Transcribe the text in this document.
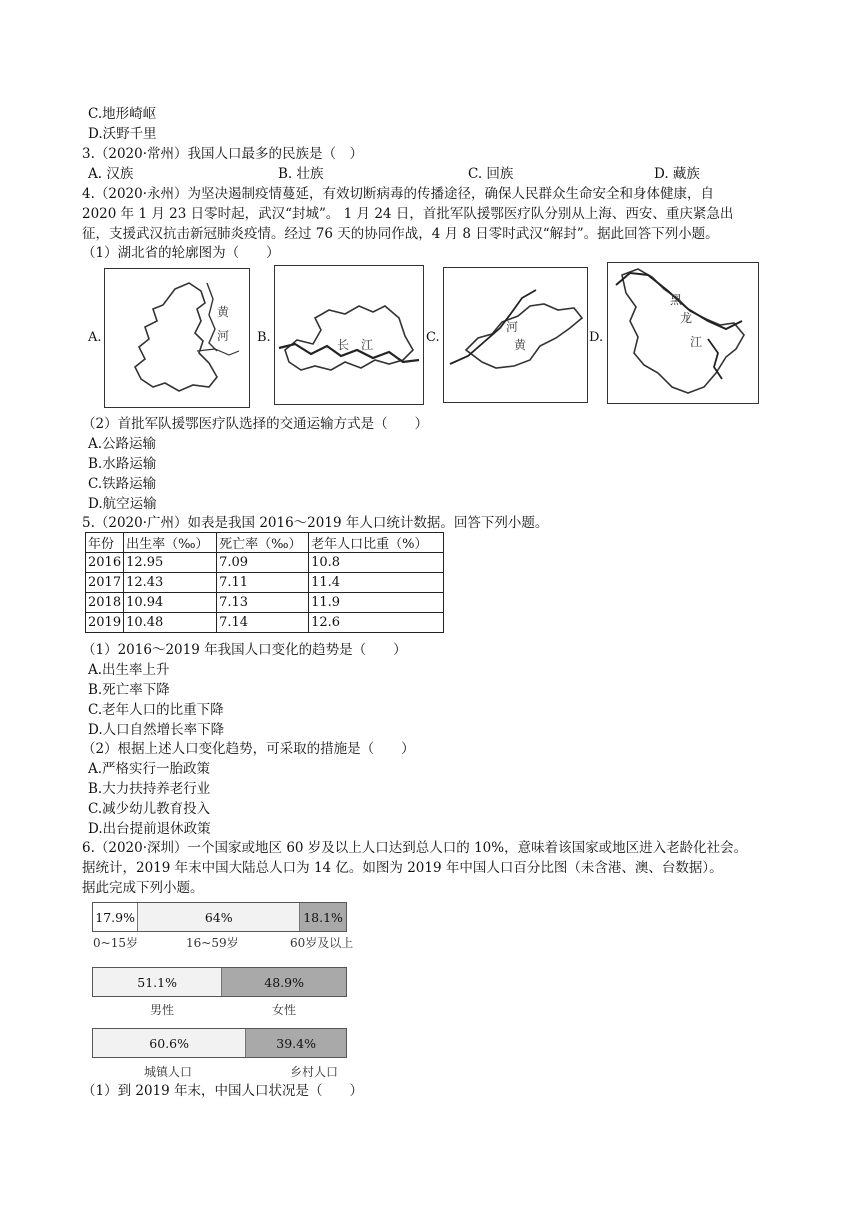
C.地形崎岖
D.沃野千里
3.（2020·常州）我国人口最多的民族是（　）
A. 汉族	B. 壮族	C. 回族	D. 藏族
4.（2020·永州）为坚决遏制疫情蔓延，有效切断病毒的传播途径，确保人民群众生命安全和身体健康，自
2020 年 1 月 23 日零时起，武汉“封城”。 1 月 24 日，首批军队援鄂医疗队分别从上海、西安、重庆紧急出
征，支援武汉抗击新冠肺炎疫情。经过 76 天的协同作战，4 月 8 日零时武汉“解封”。据此回答下列小题。
（1）湖北省的轮廓图为（　　）
A.
黄
河 B.	长 江	C.
河
黄	D.
黑
龙
江
（2）首批军队援鄂医疗队选择的交通运输方式是（　　）
A.公路运输
B.水路运输
C.铁路运输
D.航空运输
5.（2020·广州）如表是我国 2016～2019 年人口统计数据。回答下列小题。
年份	出生率（‰）	死亡率（‰）	老年人口比重（%）
2016	12.95	7.09	10.8
2017	12.43	7.11	11.4
2018	10.94	7.13	11.9
2019	10.48	7.14	12.6
（1）2016～2019 年我国人口变化的趋势是（　　）
A.出生率上升
B.死亡率下降
C.老年人口的比重下降
D.人口自然增长率下降
（2）根据上述人口变化趋势，可采取的措施是（　　）
A.严格实行一胎政策
B.大力扶持养老行业
C.减少幼儿教育投入
D.出台提前退休政策
6.（2020·深圳）一个国家或地区 60 岁及以上人口达到总人口的 10%，意味着该国家或地区进入老龄化社会。
据统计，2019 年末中国大陆总人口为 14 亿。如图为 2019 年中国人口百分比图（未含港、澳、台数据）。
据此完成下列小题。
17.9%	64%	18.1%
0~15岁	16~59岁	60岁及以上
51.1%	48.9%
男性	女性
60.6%	39.4%
城镇人口	乡村人口
（1）到 2019 年末，中国人口状况是（　　）
